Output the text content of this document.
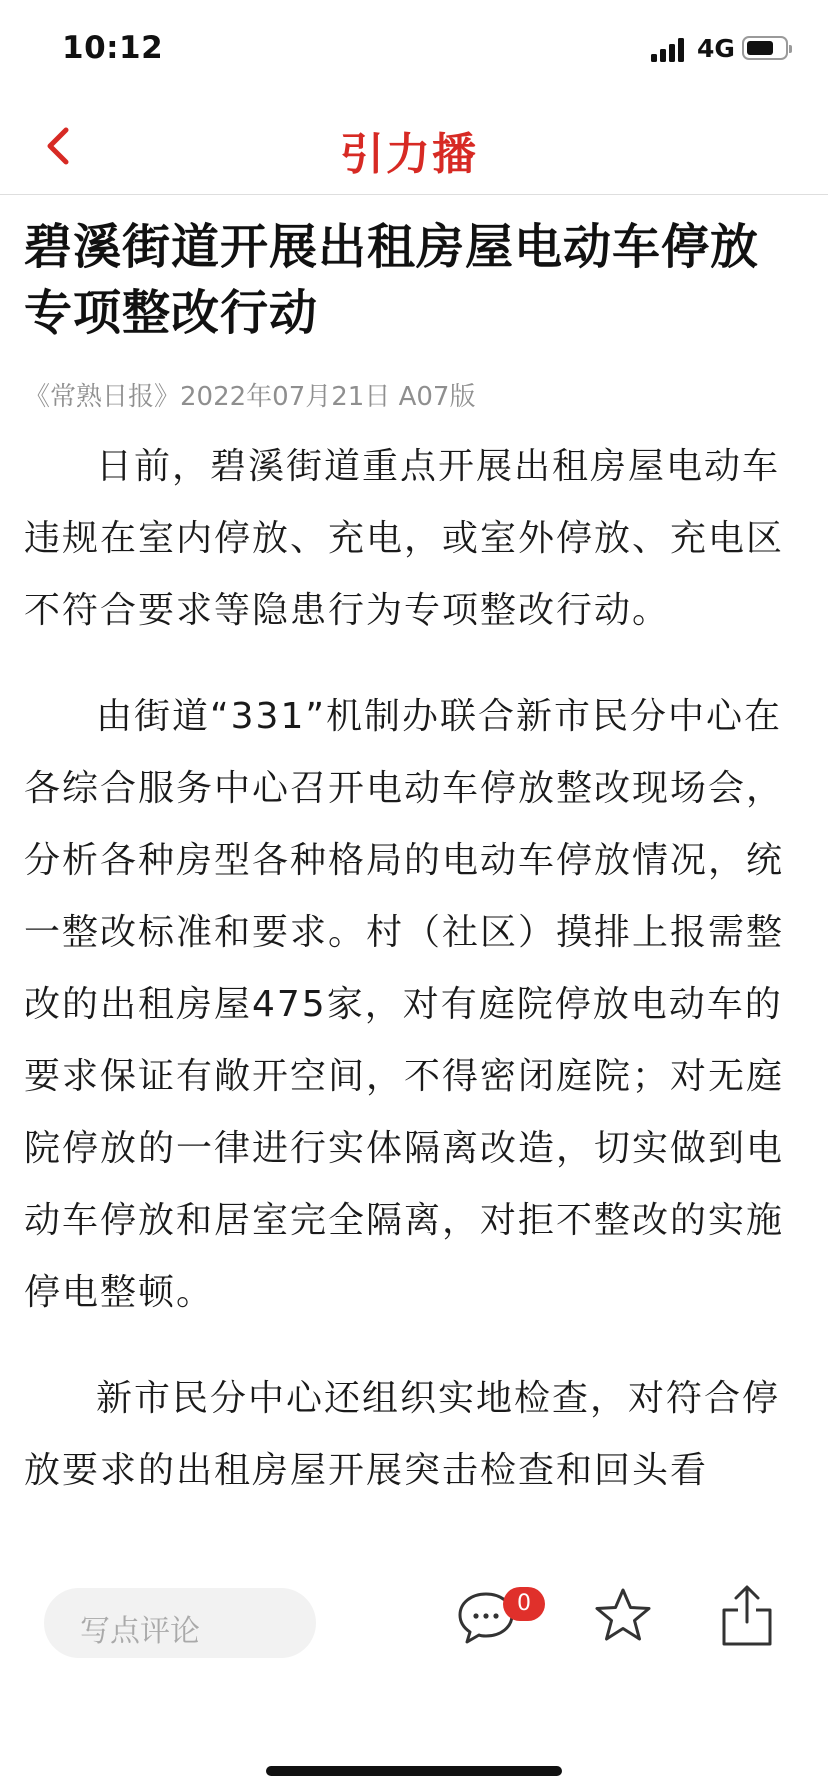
10:12	4G
引力播
碧溪街道开展出租房屋电动车停放专项整改行动
《常熟日报》2022年07月21日 A07版

日前，碧溪街道重点开展出租房屋电动车违规在室内停放、充电，或室外停放、充电区不符合要求等隐患行为专项整改行动。

由街道“331”机制办联合新市民分中心在各综合服务中心召开电动车停放整改现场会，分析各种房型各种格局的电动车停放情况，统一整改标准和要求。村（社区）摸排上报需整改的出租房屋475家，对有庭院停放电动车的要求保证有敞开空间，不得密闭庭院；对无庭院停放的一律进行实体隔离改造，切实做到电动车停放和居室完全隔离，对拒不整改的实施停电整顿。

新市民分中心还组织实地检查，对符合停放要求的出租房屋开展突击检查和回头看

写点评论
0
